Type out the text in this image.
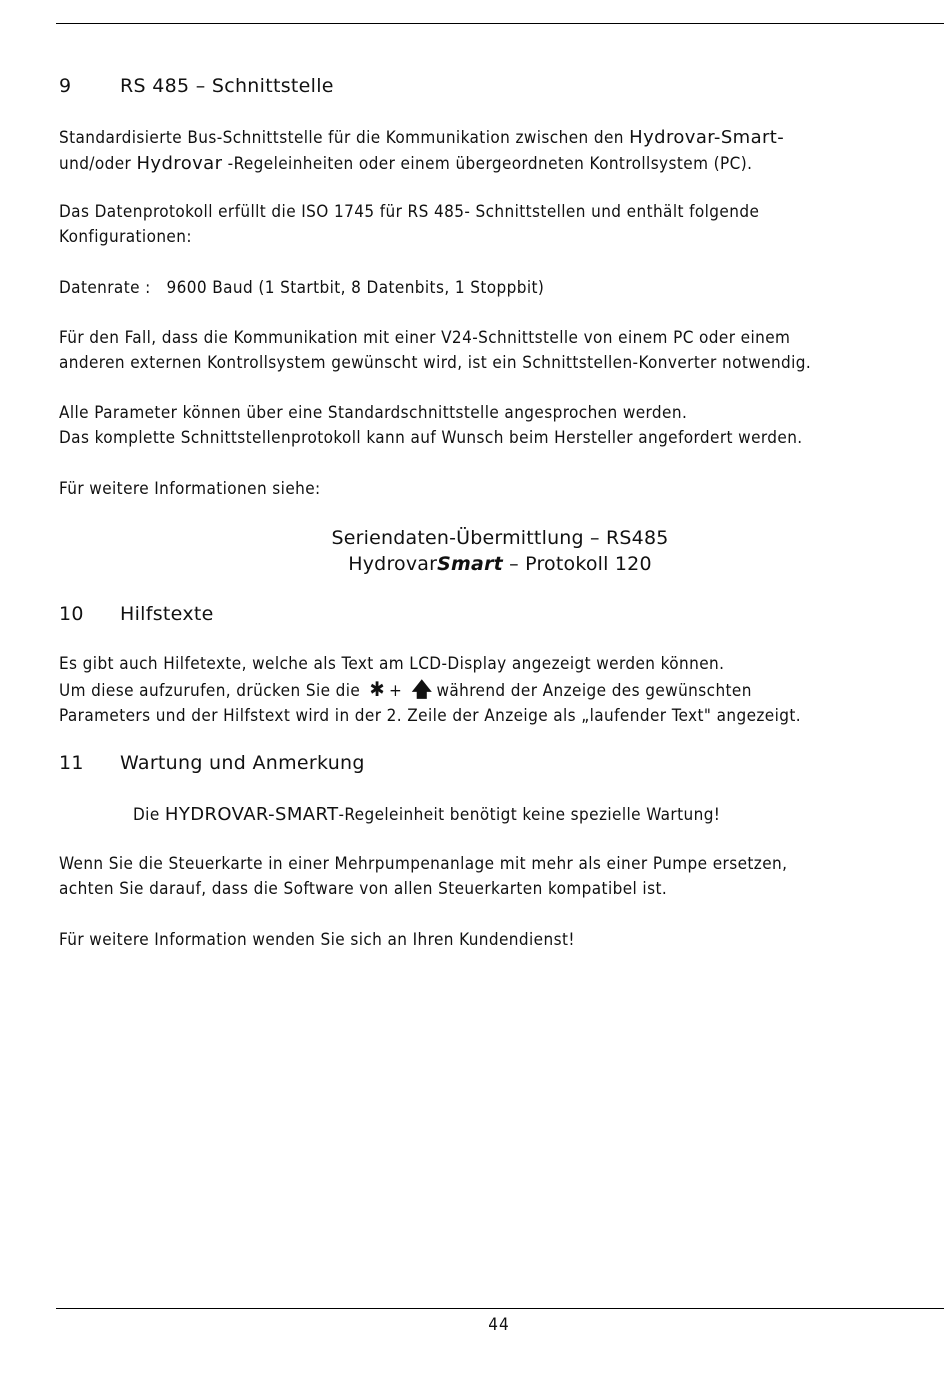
9	RS 485 – Schnittstelle
Standardisierte Bus-Schnittstelle für die Kommunikation zwischen den Hydrovar-Smart-
und/oder Hydrovar -Regeleinheiten oder einem übergeordneten Kontrollsystem (PC).
Das Datenprotokoll erfüllt die ISO 1745 für RS 485- Schnittstellen und enthält folgende
Konfigurationen:
Datenrate :   9600 Baud (1 Startbit, 8 Datenbits, 1 Stoppbit)
Für den Fall, dass die Kommunikation mit einer V24-Schnittstelle von einem PC oder einem
anderen externen Kontrollsystem gewünscht wird, ist ein Schnittstellen-Konverter notwendig.
Alle Parameter können über eine Standardschnittstelle angesprochen werden.
Das komplette Schnittstellenprotokoll kann auf Wunsch beim Hersteller angefordert werden.
Für weitere Informationen siehe:
Seriendaten-Übermittlung – RS485
HydrovarSmart – Protokoll 120
10 Hilfstexte
Es gibt auch Hilfetexte, welche als Text am LCD-Display angezeigt werden können.
Um diese aufzurufen, drücken Sie die ✱ + 🡅 während der Anzeige des gewünschten
Parameters und der Hilfstext wird in der 2. Zeile der Anzeige als „laufender Text" angezeigt.
11 Wartung und Anmerkung
Die HYDROVAR-SMART-Regeleinheit benötigt keine spezielle Wartung!
Wenn Sie die Steuerkarte in einer Mehrpumpenanlage mit mehr als einer Pumpe ersetzen,
achten Sie darauf, dass die Software von allen Steuerkarten kompatibel ist.
Für weitere Information wenden Sie sich an Ihren Kundendienst!
44
